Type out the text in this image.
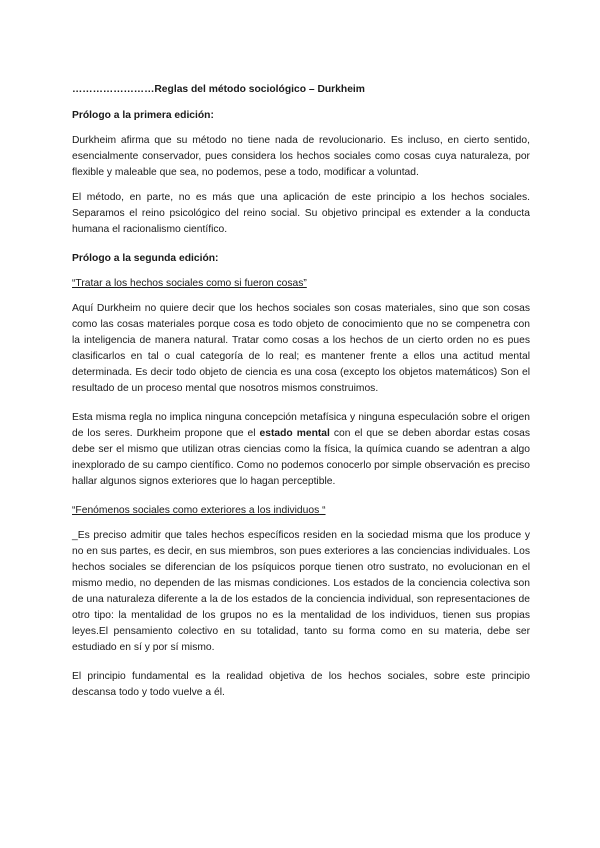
……………………Reglas del método sociológico – Durkheim
Prólogo a la primera edición:
Durkheim afirma que su método no tiene nada de revolucionario. Es incluso, en cierto sentido, esencialmente conservador, pues considera los hechos sociales como cosas cuya naturaleza, por flexible y maleable que sea, no podemos, pese a todo, modificar a voluntad.
El método, en parte, no es más que una aplicación de este principio a los hechos sociales. Separamos el reino psicológico del reino social. Su objetivo principal es extender a la conducta humana el racionalismo científico.
Prólogo a la segunda edición:
“Tratar a los hechos sociales como si fueron cosas”
Aquí Durkheim no quiere decir que los hechos sociales son cosas materiales, sino que son cosas como las cosas materiales porque cosa es todo objeto de conocimiento que no se compenetra con la inteligencia de manera natural. Tratar como cosas a los hechos de un cierto orden no es pues clasificarlos en tal o cual categoría de lo real; es mantener frente a ellos una actitud mental determinada. Es decir todo objeto de ciencia es una cosa (excepto los objetos matemáticos) Son el resultado de un proceso mental que nosotros mismos construimos.
Esta misma regla no implica ninguna concepción metafísica y ninguna especulación sobre el origen de los seres. Durkheim propone que el estado mental con el que se deben abordar estas cosas debe ser el mismo que utilizan otras ciencias como la física, la química cuando se adentran a algo inexplorado de su campo científico. Como no podemos conocerlo por simple observación es preciso hallar algunos signos exteriores que lo hagan perceptible.
“Fenómenos sociales como exteriores a los individuos “
_Es preciso admitir que tales hechos específicos residen en la sociedad misma que los produce y no en sus partes, es decir, en sus miembros, son pues exteriores a las conciencias individuales. Los hechos sociales se diferencian de los psíquicos porque tienen otro sustrato, no evolucionan en el mismo medio, no dependen de las mismas condiciones. Los estados de la conciencia colectiva son de una naturaleza diferente a la de los estados de la conciencia individual, son representaciones de otro tipo: la mentalidad de los grupos no es la mentalidad de los individuos, tienen sus propias leyes.El pensamiento colectivo en su totalidad, tanto su forma como en su materia, debe ser estudiado en sí y por sí mismo.
El principio fundamental es la realidad objetiva de los hechos sociales, sobre este principio descansa todo y todo vuelve a él.
